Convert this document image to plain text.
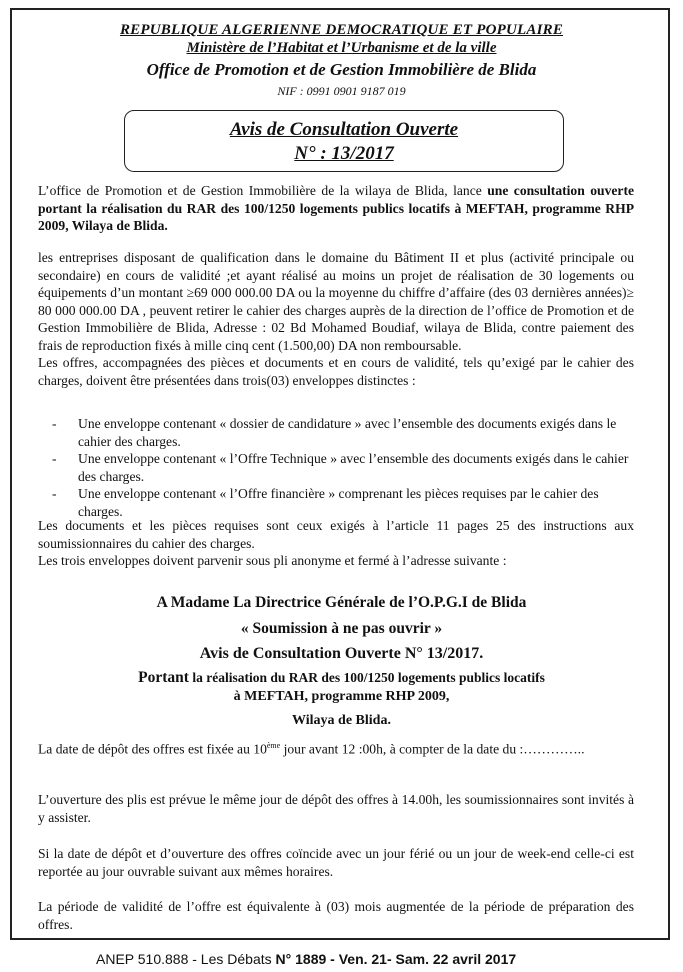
REPUBLIQUE ALGERIENNE DEMOCRATIQUE ET POPULAIRE
Ministère de l’Habitat et l’Urbanisme et de la ville
Office de Promotion et de Gestion Immobilière de Blida
NIF : 0991 0901 9187 019
Avis de Consultation Ouverte
N° : 13/2017
L’office de Promotion et de Gestion Immobilière de la wilaya de Blida, lance une consultation ouverte portant la réalisation du RAR des 100/1250 logements publics locatifs à MEFTAH, programme RHP 2009, Wilaya de Blida.
les entreprises disposant de qualification dans le domaine du Bâtiment II et plus (activité principale ou secondaire) en cours de validité ;et ayant réalisé au moins un projet de réalisation de 30 logements ou équipements d’un montant ≥69 000 000.00 DA ou la moyenne du chiffre d’affaire (des 03 dernières années)≥ 80 000 000.00 DA , peuvent retirer le cahier des charges auprès de la direction de l’office de Promotion et de Gestion Immobilière de Blida, Adresse : 02 Bd Mohamed Boudiaf, wilaya de Blida, contre paiement des frais de reproduction fixés à mille cinq cent (1.500,00) DA non remboursable.
Les offres, accompagnées des pièces et documents et en cours de validité, tels qu’exigé par le cahier des charges, doivent être présentées dans trois(03) enveloppes distinctes :
- Une enveloppe contenant « dossier de candidature » avec l’ensemble des documents exigés dans le cahier des charges.
- Une enveloppe contenant « l’Offre Technique » avec l’ensemble des documents exigés dans le cahier des charges.
- Une enveloppe contenant « l’Offre financière » comprenant les pièces requises par le cahier des charges.
Les documents et les pièces requises sont ceux exigés à l’article 11 pages 25 des instructions aux soumissionnaires du cahier des charges.
Les trois enveloppes doivent parvenir sous pli anonyme et fermé à l’adresse suivante :
A Madame La Directrice Générale de l’O.P.G.I de Blida
« Soumission à ne pas ouvrir »
Avis de Consultation Ouverte N° 13/2017.
Portant la réalisation du RAR des 100/1250 logements publics locatifs
à MEFTAH, programme RHP 2009,
Wilaya de Blida.
La date de dépôt des offres est fixée au 10ème jour avant 12 :00h, à compter de la date du :…………..
L’ouverture des plis est prévue le même jour de dépôt des offres à 14.00h, les soumissionnaires sont invités à y assister.
Si la date de dépôt et d’ouverture des offres coïncide avec un jour férié ou un jour de week-end celle-ci est reportée au jour ouvrable suivant aux mêmes horaires.
La période de validité de l’offre est équivalente à (03) mois augmentée de la période de préparation des offres.
ANEP 510.888 - Les Débats N° 1889 - Ven. 21- Sam. 22 avril 2017
